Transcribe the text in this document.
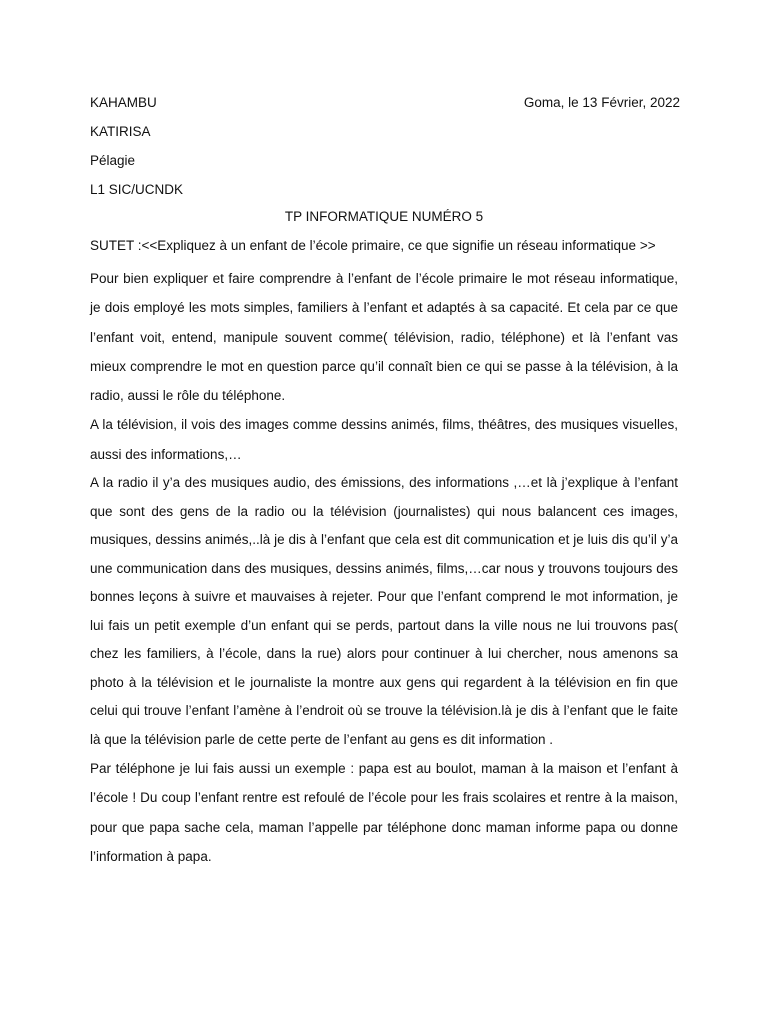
KAHAMBU
KATIRISA
Pélagie
L1 SIC/UCNDK
Goma, le 13 Février, 2022
TP INFORMATIQUE NUMÉRO 5
SUTET :<<Expliquez à un enfant de l’école primaire, ce que signifie un réseau informatique >>

Pour bien expliquer et faire comprendre à l’enfant de l’école primaire le mot réseau informatique, je dois employé les mots simples, familiers à l’enfant et adaptés à sa capacité. Et cela par ce que l’enfant voit, entend, manipule souvent comme( télévision, radio, téléphone) et là l’enfant vas mieux comprendre le mot en question parce qu’il connaît bien ce qui se passe à la télévision, à la radio, aussi le rôle du téléphone.

A la télévision, il vois des images comme dessins animés, films, théâtres, des musiques visuelles, aussi des informations,…

A la radio il y’a des musiques audio, des émissions, des informations ,…et là j’explique à l’enfant que sont des gens de la radio ou la télévision (journalistes) qui nous balancent ces images, musiques, dessins animés,..là je dis à l’enfant que cela est dit communication et je luis dis qu’il y’a une communication dans des musiques, dessins animés, films,…car nous y trouvons toujours des bonnes leçons à suivre et mauvaises à rejeter. Pour que l’enfant comprend le mot information, je lui fais un petit exemple d’un enfant qui se perds, partout dans la ville nous ne lui trouvons pas( chez les familiers, à l’école, dans la rue) alors pour continuer à lui chercher, nous amenons sa photo à la télévision et le journaliste la montre aux gens qui regardent à la télévision en fin que celui qui trouve l’enfant l’amène à l’endroit où se trouve la télévision.là je dis à l’enfant que le faite là que la télévision parle de cette perte de l’enfant au gens es dit information .

Par téléphone je lui fais aussi un exemple : papa est au boulot, maman à la maison et l’enfant à l’école ! Du coup l’enfant rentre est refoulé de l’école pour les frais scolaires et rentre à la maison, pour que papa sache cela, maman l’appelle par téléphone donc maman informe papa ou donne l’information à papa.
